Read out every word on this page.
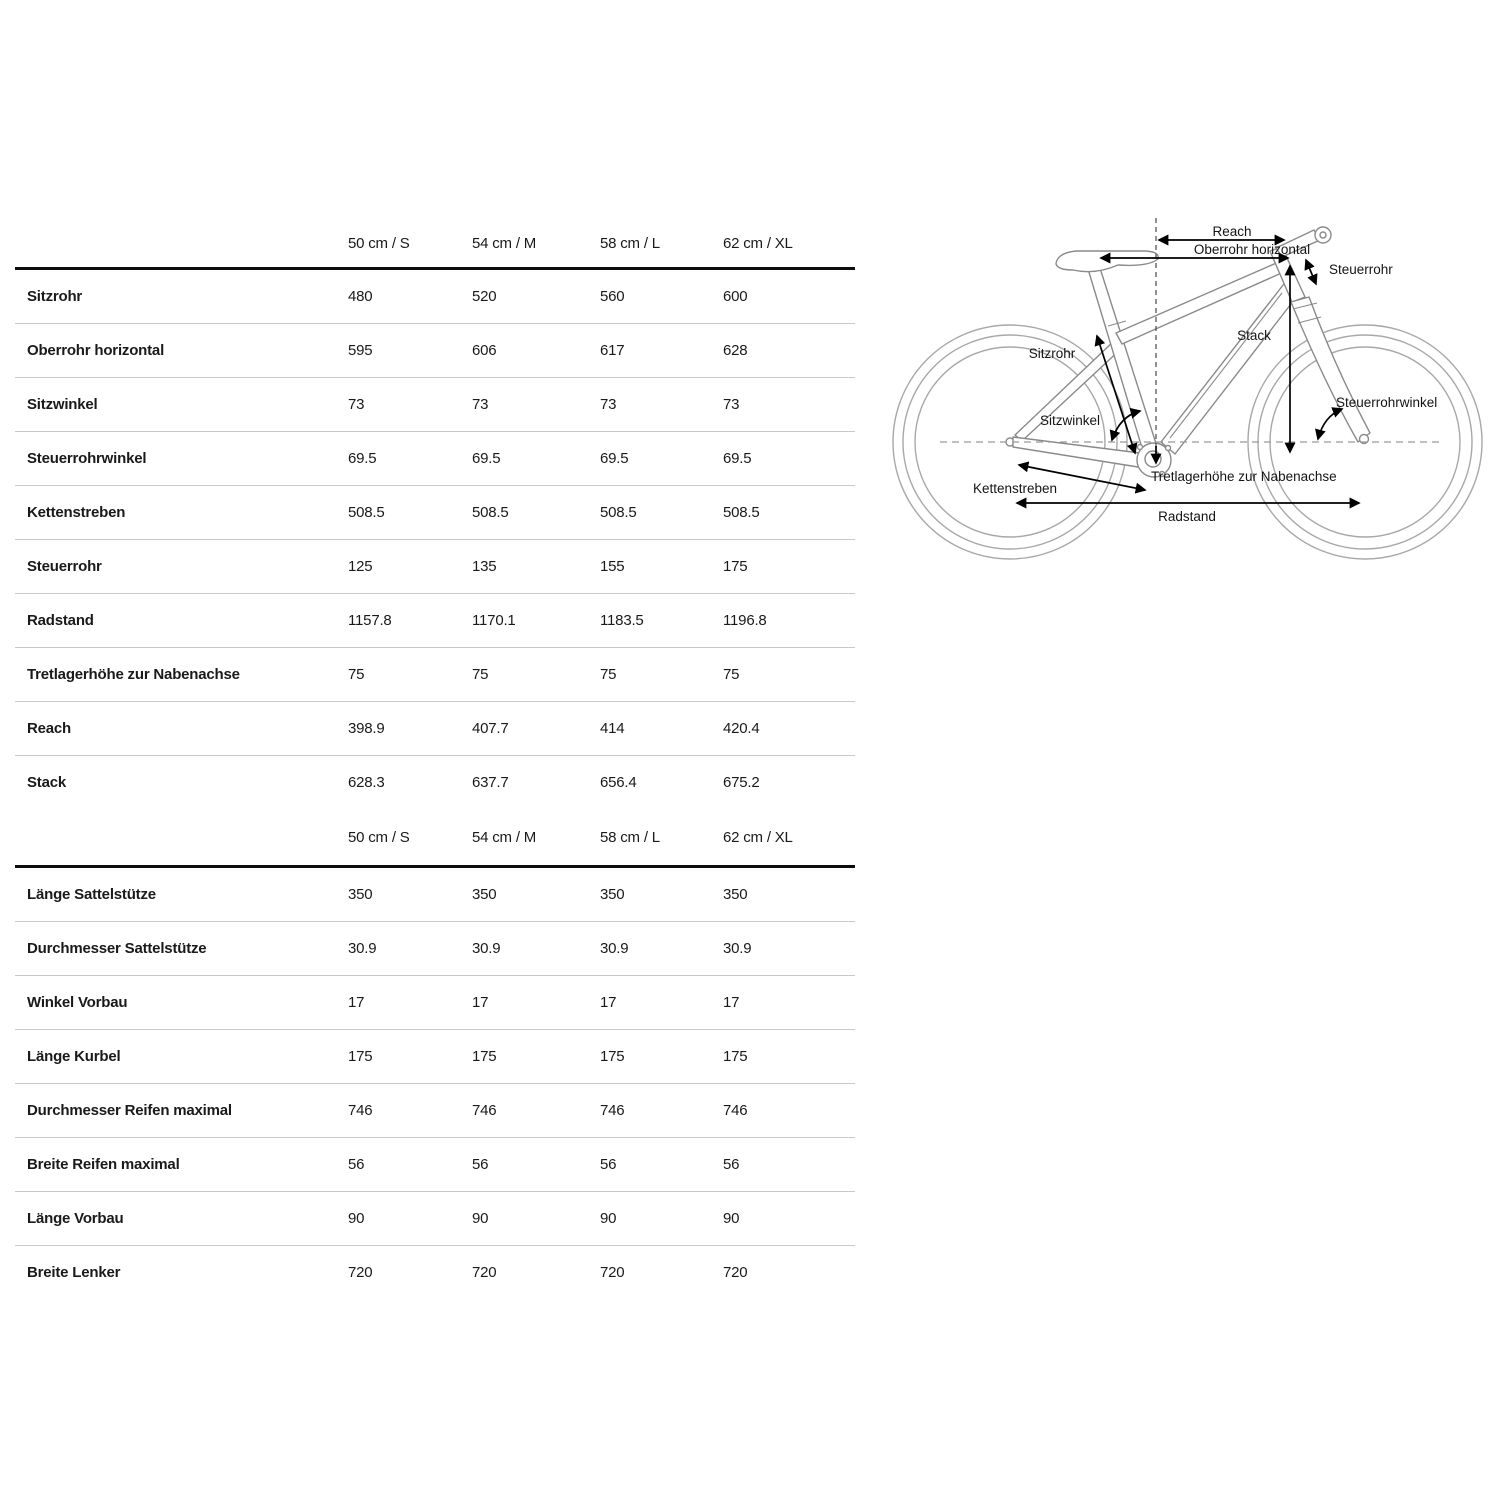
	50 cm / S	54 cm / M	58 cm / L	62 cm / XL
Sitzrohr	480	520	560	600
Oberrohr horizontal	595	606	617	628
Sitzwinkel	73	73	73	73
Steuerrohrwinkel	69.5	69.5	69.5	69.5
Kettenstreben	508.5	508.5	508.5	508.5
Steuerrohr	125	135	155	175
Radstand	1157.8	1170.1	1183.5	1196.8
Tretlagerhöhe zur Nabenachse	75	75	75	75
Reach	398.9	407.7	414	420.4
Stack	628.3	637.7	656.4	675.2
	50 cm / S	54 cm / M	58 cm / L	62 cm / XL
Länge Sattelstütze	350	350	350	350
Durchmesser Sattelstütze	30.9	30.9	30.9	30.9
Winkel Vorbau	17	17	17	17
Länge Kurbel	175	175	175	175
Durchmesser Reifen maximal	746	746	746	746
Breite Reifen maximal	56	56	56	56
Länge Vorbau	90	90	90	90
Breite Lenker	720	720	720	720
Reach
Oberrohr horizontal
Steuerrohr
Stack
Sitzrohr
Sitzwinkel
Steuerrohrwinkel
Tretlagerhöhe zur Nabenachse
Kettenstreben
Radstand
